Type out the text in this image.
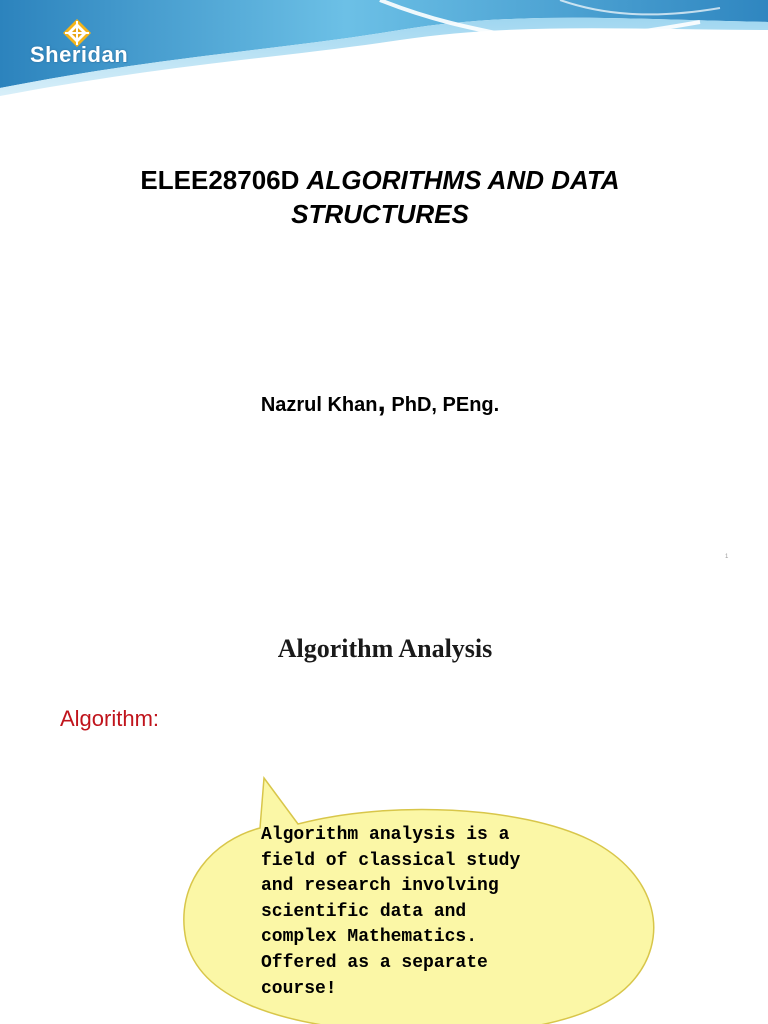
Sheridan
ELEE28706D ALGORITHMS AND DATA STRUCTURES
Nazrul Khan, PhD, PEng.
1
Algorithm Analysis
Algorithm:
Algorithm analysis is a
field of classical study
and research involving
scientific data and
complex Mathematics.
Offered as a separate
course!
